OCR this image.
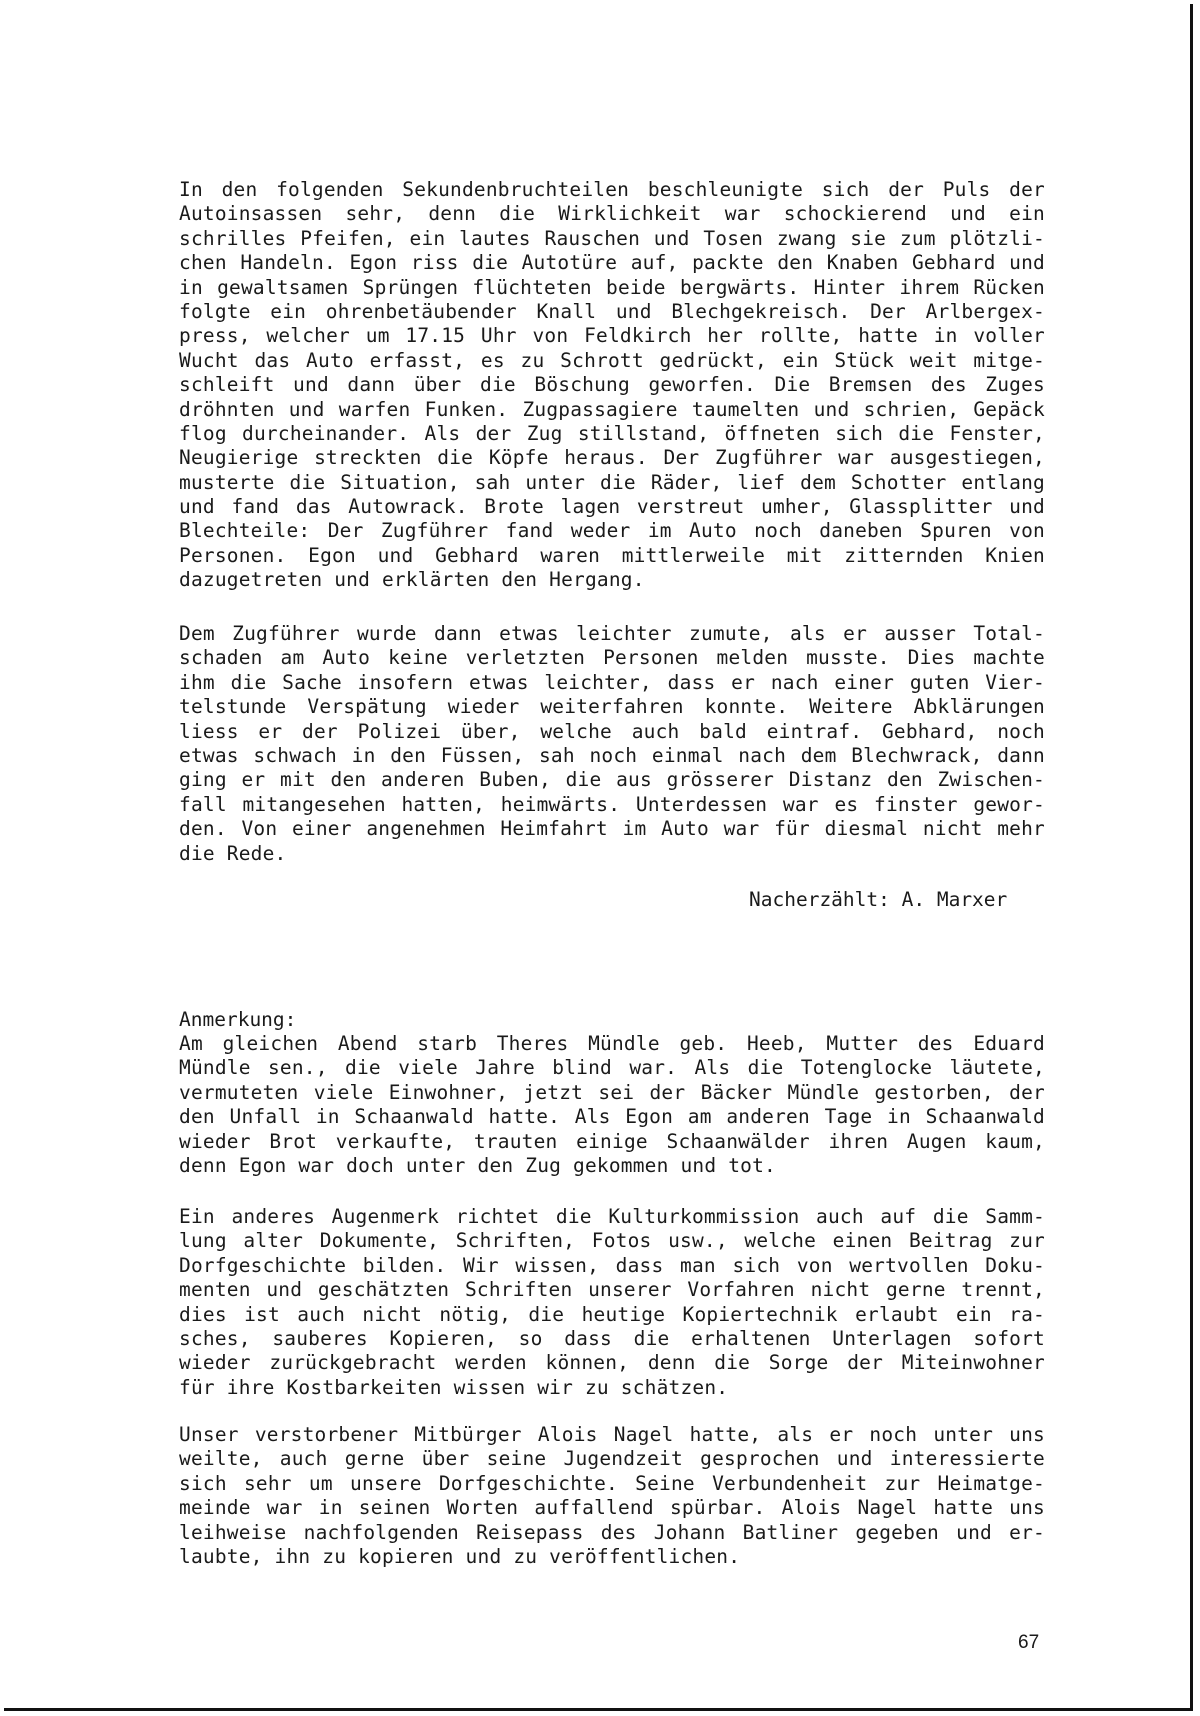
In den folgenden Sekundenbruchteilen beschleunigte sich der Puls der
Autoinsassen sehr, denn die Wirklichkeit war schockierend und ein
schrilles Pfeifen, ein lautes Rauschen und Tosen zwang sie zum plötzli-
chen Handeln. Egon riss die Autotüre auf, packte den Knaben Gebhard und
in gewaltsamen Sprüngen flüchteten beide bergwärts. Hinter ihrem Rücken
folgte ein ohrenbetäubender Knall und Blechgekreisch. Der Arlbergex-
press, welcher um 17.15 Uhr von Feldkirch her rollte, hatte in voller
Wucht das Auto erfasst, es zu Schrott gedrückt, ein Stück weit mitge-
schleift und dann über die Böschung geworfen. Die Bremsen des Zuges
dröhnten und warfen Funken. Zugpassagiere taumelten und schrien, Gepäck
flog durcheinander. Als der Zug stillstand, öffneten sich die Fenster,
Neugierige streckten die Köpfe heraus. Der Zugführer war ausgestiegen,
musterte die Situation, sah unter die Räder, lief dem Schotter entlang
und fand das Autowrack. Brote lagen verstreut umher, Glassplitter und
Blechteile: Der Zugführer fand weder im Auto noch daneben Spuren von
Personen. Egon und Gebhard waren mittlerweile mit zitternden Knien
dazugetreten und erklärten den Hergang.
Dem Zugführer wurde dann etwas leichter zumute, als er ausser Total-
schaden am Auto keine verletzten Personen melden musste. Dies machte
ihm die Sache insofern etwas leichter, dass er nach einer guten Vier-
telstunde Verspätung wieder weiterfahren konnte. Weitere Abklärungen
liess er der Polizei über, welche auch bald eintraf. Gebhard, noch
etwas schwach in den Füssen, sah noch einmal nach dem Blechwrack, dann
ging er mit den anderen Buben, die aus grösserer Distanz den Zwischen-
fall mitangesehen hatten, heimwärts. Unterdessen war es finster gewor-
den. Von einer angenehmen Heimfahrt im Auto war für diesmal nicht mehr
die Rede.
Nacherzählt: A. Marxer
Anmerkung:
Am gleichen Abend starb Theres Mündle geb. Heeb, Mutter des Eduard
Mündle sen., die viele Jahre blind war. Als die Totenglocke läutete,
vermuteten viele Einwohner, jetzt sei der Bäcker Mündle gestorben, der
den Unfall in Schaanwald hatte. Als Egon am anderen Tage in Schaanwald
wieder Brot verkaufte, trauten einige Schaanwälder ihren Augen kaum,
denn Egon war doch unter den Zug gekommen und tot.
Ein anderes Augenmerk richtet die Kulturkommission auch auf die Samm-
lung alter Dokumente, Schriften, Fotos usw., welche einen Beitrag zur
Dorfgeschichte bilden. Wir wissen, dass man sich von wertvollen Doku-
menten und geschätzten Schriften unserer Vorfahren nicht gerne trennt,
dies ist auch nicht nötig, die heutige Kopiertechnik erlaubt ein ra-
sches, sauberes Kopieren, so dass die erhaltenen Unterlagen sofort
wieder zurückgebracht werden können, denn die Sorge der Miteinwohner
für ihre Kostbarkeiten wissen wir zu schätzen.
Unser verstorbener Mitbürger Alois Nagel hatte, als er noch unter uns
weilte, auch gerne über seine Jugendzeit gesprochen und interessierte
sich sehr um unsere Dorfgeschichte. Seine Verbundenheit zur Heimatge-
meinde war in seinen Worten auffallend spürbar. Alois Nagel hatte uns
leihweise nachfolgenden Reisepass des Johann Batliner gegeben und er-
laubte, ihn zu kopieren und zu veröffentlichen.
67
